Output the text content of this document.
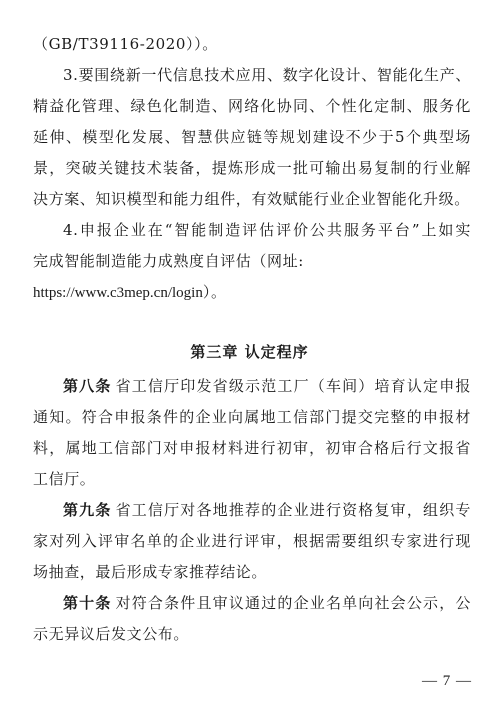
（GB/T39116-2020））。
3.要围绕新一代信息技术应用、数字化设计、智能化生产、
精益化管理、绿色化制造、网络化协同、个性化定制、服务化
延伸、模型化发展、智慧供应链等规划建设不少于5个典型场
景，突破关键技术装备，提炼形成一批可输出易复制的行业解
决方案、知识模型和能力组件，有效赋能行业企业智能化升级。
4.申报企业在“智能制造评估评价公共服务平台”上如实
完成智能制造能力成熟度自评估（网址:
https://www.c3mep.cn/login）。
第三章 认定程序
第八条 省工信厅印发省级示范工厂（车间）培育认定申报
通知。符合申报条件的企业向属地工信部门提交完整的申报材
料，属地工信部门对申报材料进行初审，初审合格后行文报省
工信厅。
第九条 省工信厅对各地推荐的企业进行资格复审，组织专
家对列入评审名单的企业进行评审，根据需要组织专家进行现
场抽查，最后形成专家推荐结论。
第十条 对符合条件且审议通过的企业名单向社会公示，公
示无异议后发文公布。
— 7 —
